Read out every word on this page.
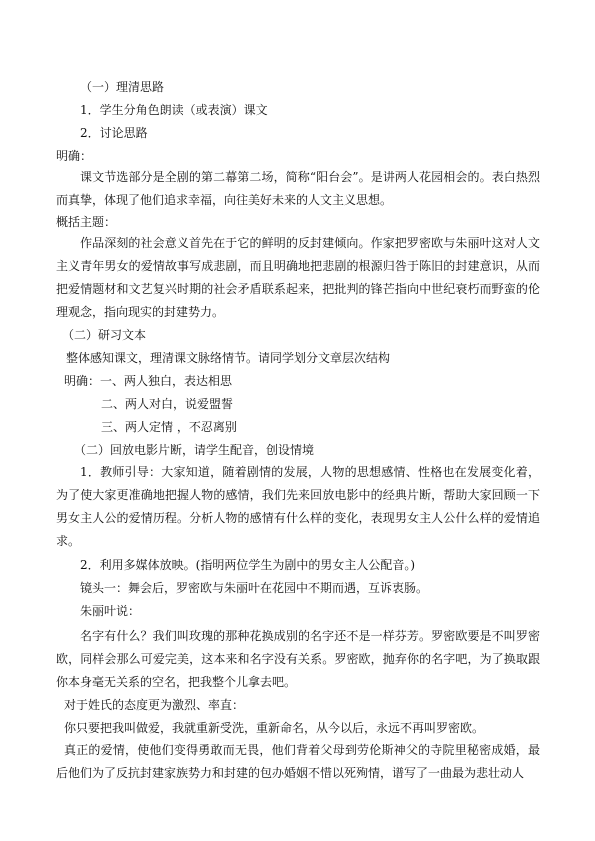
（一）理清思路
1．学生分角色朗读（或表演）课文
2．讨论思路
明确：

课文节选部分是全剧的第二幕第二场，简称“阳台会”。是讲两人花园相会的。表白热烈而真挚，体现了他们追求幸福，向往美好未来的人文主义思想。

概括主题：

作品深刻的社会意义首先在于它的鲜明的反封建倾向。作家把罗密欧与朱丽叶这对人文主义青年男女的爱情故事写成悲剧，而且明确地把悲剧的根源归咎于陈旧的封建意识，从而把爱情题材和文艺复兴时期的社会矛盾联系起来，把批判的锋芒指向中世纪衰朽而野蛮的伦理观念，指向现实的封建势力。

（二）研习文本
整体感知课文，理清课文脉络情节。请同学划分文章层次结构
明确：一、两人独白，表达相思
二、两人对白，说爱盟誓
三、两人定情 ，不忍离别
（二）回放电影片断，请学生配音，创设情境

1．教师引导：大家知道，随着剧情的发展，人物的思想感情、性格也在发展变化着，为了使大家更准确地把握人物的感情，我们先来回放电影中的经典片断，帮助大家回顾一下男女主人公的爱情历程。分析人物的感情有什么样的变化，表现男女主人公什么样的爱情追求。

2．利用多媒体放映。(指明两位学生为剧中的男女主人公配音。)
镜头一：舞会后，罗密欧与朱丽叶在花园中不期而遇，互诉衷肠。
朱丽叶说：

名字有什么？我们叫玫瑰的那种花换成别的名字还不是一样芬芳。罗密欧要是不叫罗密欧，同样会那么可爱完美，这本来和名字没有关系。罗密欧，抛弃你的名字吧，为了换取跟你本身毫无关系的空名，把我整个儿拿去吧。

对于姓氏的态度更为激烈、率直：
你只要把我叫做爱，我就重新受洗，重新命名，从今以后，永远不再叫罗密欧。

真正的爱情，使他们变得勇敢而无畏，他们背着父母到劳伦斯神父的寺院里秘密成婚，最后他们为了反抗封建家族势力和封建的包办婚姻不惜以死殉情，谱写了一曲最为悲壮动人
